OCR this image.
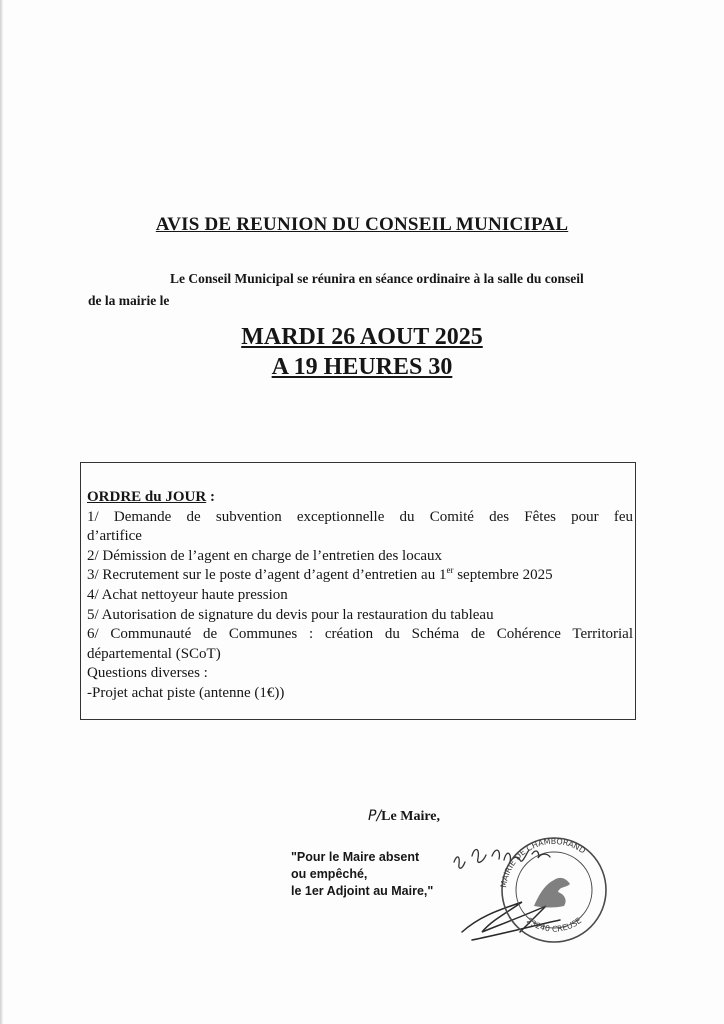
AVIS DE REUNION DU CONSEIL MUNICIPAL
Le Conseil Municipal se réunira en séance ordinaire à la salle du conseil
de la mairie le
MARDI 26 AOUT 2025
A 19 HEURES 30
ORDRE du JOUR :
1/ Demande de subvention exceptionnelle du Comité des Fêtes pour feu
d’artifice
2/ Démission de l’agent en charge de l’entretien des locaux
3/ Recrutement sur le poste d’agent d’agent d’entretien au 1er septembre 2025
4/ Achat nettoyeur haute pression
5/ Autorisation de signature du devis pour la restauration du tableau
6/ Communauté de Communes : création du Schéma de Cohérence Territorial
départemental (SCoT)
Questions diverses :
-Projet achat piste (antenne (1€))
P/Le Maire,
"Pour le Maire absent
ou empêché,
le 1er Adjoint au Maire,"	MAIRIE DE CHAMBORAND
23240 CREUSE
